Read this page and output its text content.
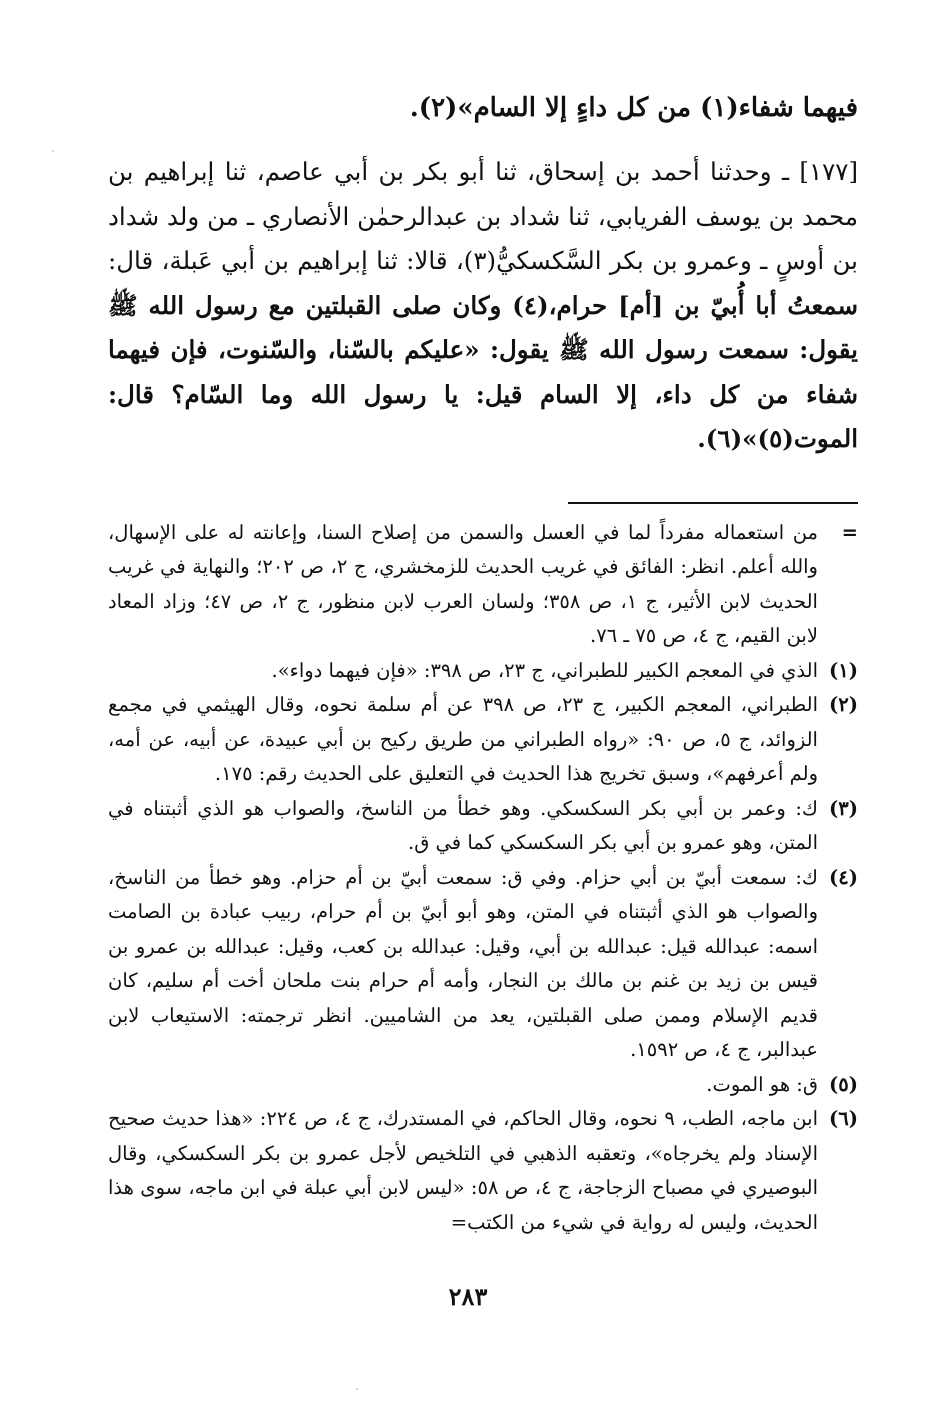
فيهما شفاء(١) من كل داءٍ إلا السام»(٢).

[١٧٧] ـ وحدثنا أحمد بن إسحاق، ثنا أبو بكر بن أبي عاصم، ثنا إبراهيم بن محمد بن يوسف الفريابي، ثنا شداد بن عبدالرحمٰن الأنصاري ـ من ولد شداد بن أوسٍ ـ وعمرو بن بكر السَّكسكيُّ(٣)، قالا: ثنا إبراهيم بن أبي عَبلة، قال: سمعتُ أبا أُبيّ بن [أم] حرام،(٤) وكان صلى القبلتين مع رسول الله ﷺ يقول: سمعت رسول الله ﷺ يقول: «عليكم بالسّنا، والسّنوت، فإن فيهما شفاء من كل داء، إلا السام قيل: يا رسول الله وما السّام؟ قال: الموت(٥)»(٦).

=
من استعماله مفرداً لما في العسل والسمن من إصلاح السنا، وإعانته له على الإسهال، والله أعلم. انظر: الفائق في غريب الحديث للزمخشري، ج ٢، ص ٢٠٢؛ والنهاية في غريب الحديث لابن الأثير، ج ١، ص ٣٥٨؛ ولسان العرب لابن منظور، ج ٢، ص ٤٧؛ وزاد المعاد لابن القيم، ج ٤، ص ٧٥ ـ ٧٦.
(١)
الذي في المعجم الكبير للطبراني، ج ٢٣، ص ٣٩٨: «فإن فيهما دواء».
(٢)
الطبراني، المعجم الكبير، ج ٢٣، ص ٣٩٨ عن أم سلمة نحوه، وقال الهيثمي في مجمع الزوائد، ج ٥، ص ٩٠: «رواه الطبراني من طريق ركيح بن أبي عبيدة، عن أبيه، عن أمه، ولم أعرفهم»، وسبق تخريج هذا الحديث في التعليق على الحديث رقم: ١٧٥.
(٣)
ك: وعمر بن أبي بكر السكسكي. وهو خطأ من الناسخ، والصواب هو الذي أثبتناه في المتن، وهو عمرو بن أبي بكر السكسكي كما في ق.
(٤)
ك: سمعت أبيّ بن أبي حزام. وفي ق: سمعت أبيّ بن أم حزام. وهو خطأ من الناسخ، والصواب هو الذي أثبتناه في المتن، وهو أبو أبيّ بن أم حرام، ربيب عبادة بن الصامت اسمه: عبدالله قيل: عبدالله بن أبي، وقيل: عبدالله بن كعب، وقيل: عبدالله بن عمرو بن قيس بن زيد بن غنم بن مالك بن النجار، وأمه أم حرام بنت ملحان أخت أم سليم، كان قديم الإسلام وممن صلى القبلتين، يعد من الشاميين. انظر ترجمته: الاستيعاب لابن عبدالبر، ج ٤، ص ١٥٩٢.
(٥)
ق: هو الموت.
(٦)
ابن ماجه، الطب، ٩ نحوه، وقال الحاكم، في المستدرك، ج ٤، ص ٢٢٤: «هذا حديث صحيح الإسناد ولم يخرجاه»، وتعقبه الذهبي في التلخيص لأجل عمرو بن بكر السكسكي، وقال البوصيري في مصباح الزجاجة، ج ٤، ص ٥٨: «ليس لابن أبي عبلة في ابن ماجه، سوى هذا الحديث، وليس له رواية في شيء من الكتب=
٢٨٣
